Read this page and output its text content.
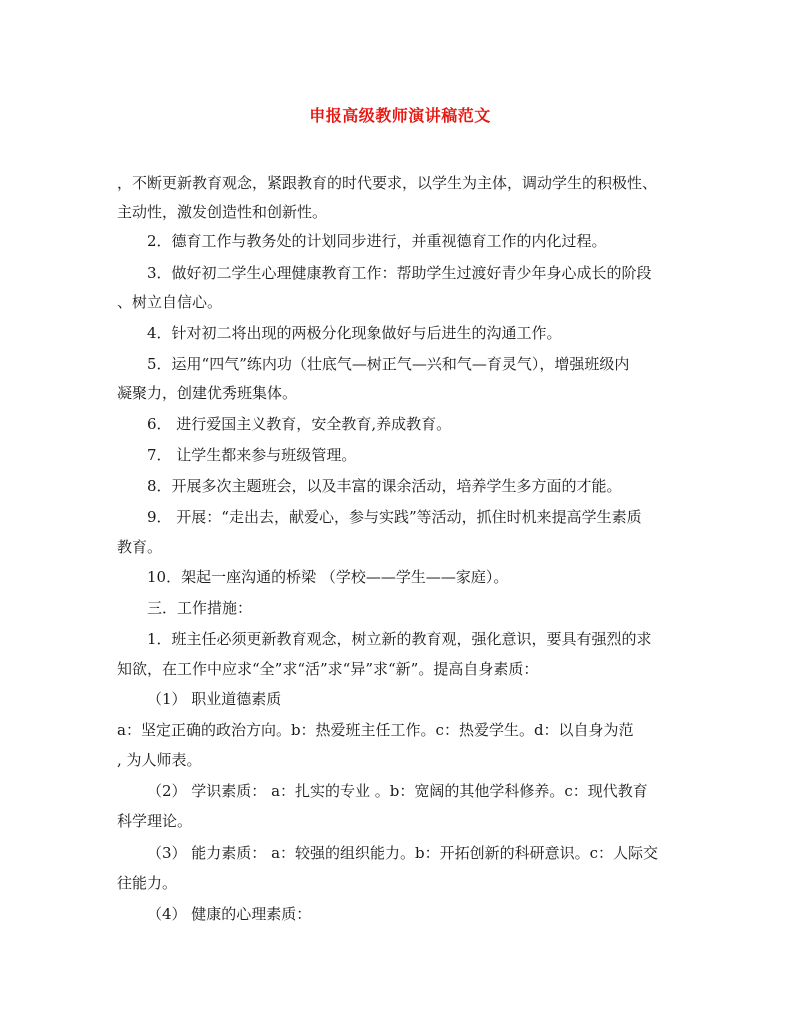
申报高级教师演讲稿范文
，不断更新教育观念，紧跟教育的时代要求，以学生为主体，调动学生的积极性、
主动性，激发创造性和创新性。
2．德育工作与教务处的计划同步进行，并重视德育工作的内化过程。
3．做好初二学生心理健康教育工作：帮助学生过渡好青少年身心成长的阶段
、树立自信心。
4．针对初二将出现的两极分化现象做好与后进生的沟通工作。
5．运用“四气”练内功（壮底气—树正气—兴和气—育灵气），增强班级内
凝聚力，创建优秀班集体。
6． 进行爱国主义教育，安全教育,养成教育。
7． 让学生都来参与班级管理。
8．开展多次主题班会，以及丰富的课余活动，培养学生多方面的才能。
9． 开展：“走出去，献爱心，参与实践”等活动，抓住时机来提高学生素质
教育。
10．架起一座沟通的桥梁 （学校——学生——家庭）。
三．工作措施：
1．班主任必须更新教育观念，树立新的教育观，强化意识，要具有强烈的求
知欲，在工作中应求“全”求“活”求“异”求“新”。提高自身素质：
（1） 职业道德素质
a：坚定正确的政治方向。b：热爱班主任工作。c：热爱学生。d：以自身为范
, 为人师表。
（2） 学识素质： a：扎实的专业 。b：宽阔的其他学科修养。c：现代教育
科学理论。
（3） 能力素质： a：较强的组织能力。b：开拓创新的科研意识。c：人际交
往能力。
（4） 健康的心理素质：
